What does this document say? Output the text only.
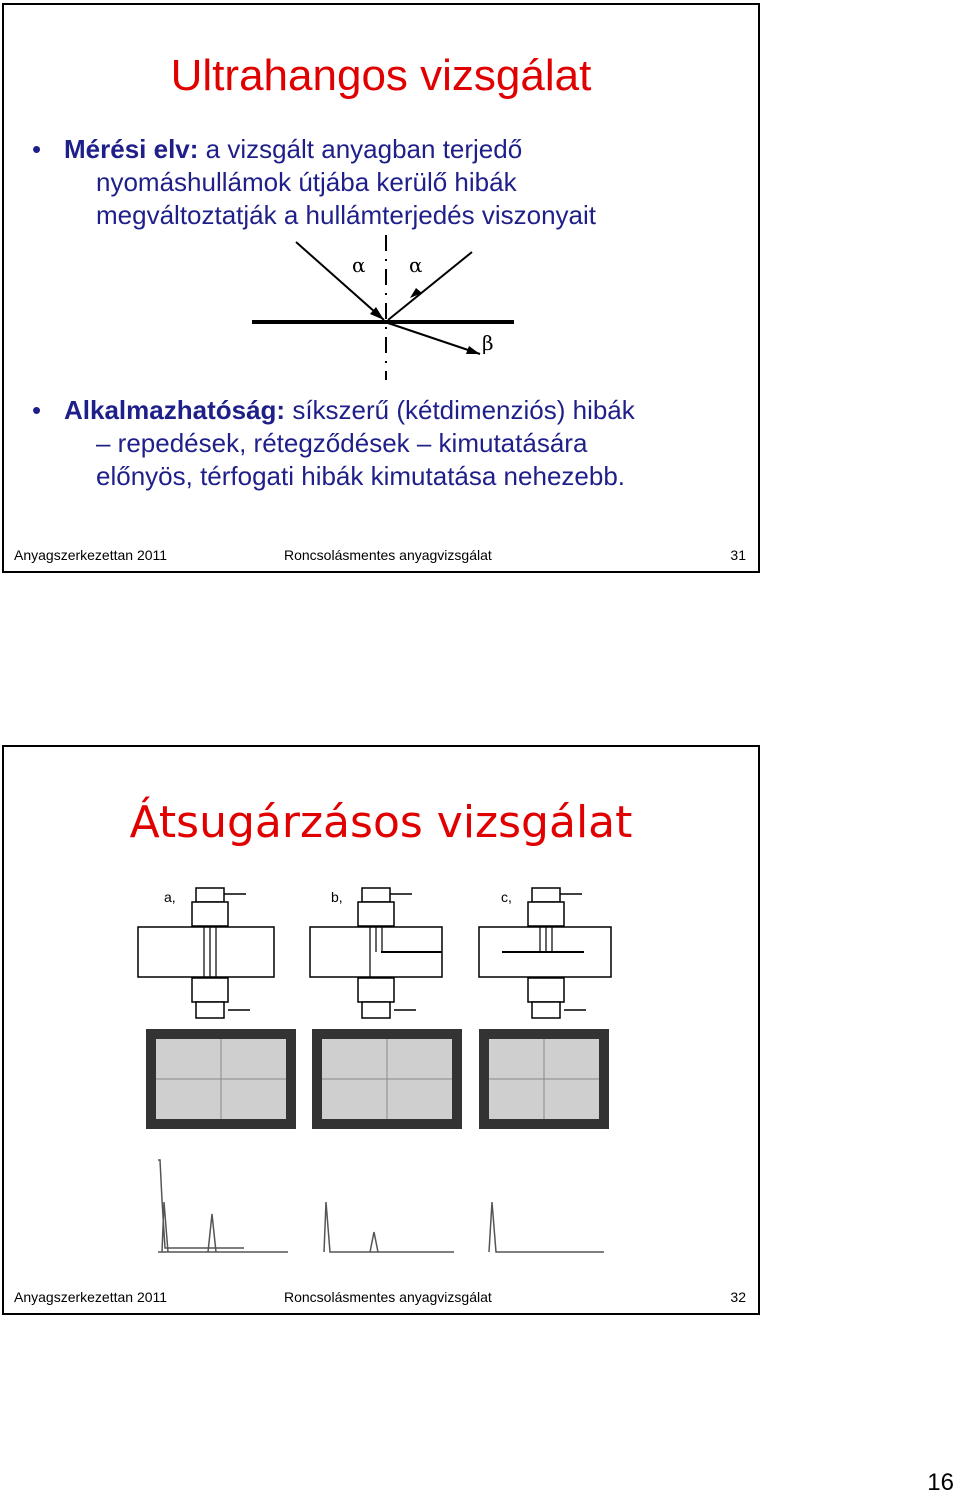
Ultrahangos vizsgálat
• Mérési elv: a vizsgált anyagban terjedő
nyomáshullámok útjába kerülő hibák
megváltoztatják a hullámterjedés viszonyait
α α
β
• Alkalmazhatóság: síkszerű (kétdimenziós) hibák
– repedések, rétegződések – kimutatására
előnyös, térfogati hibák kimutatása nehezebb.
Anyagszerkezettan 2011	Roncsolásmentes anyagvizsgálat	31
Átsugárzásos vizsgálat
a,	b,	c,
Anyagszerkezettan 2011	Roncsolásmentes anyagvizsgálat	32
16
